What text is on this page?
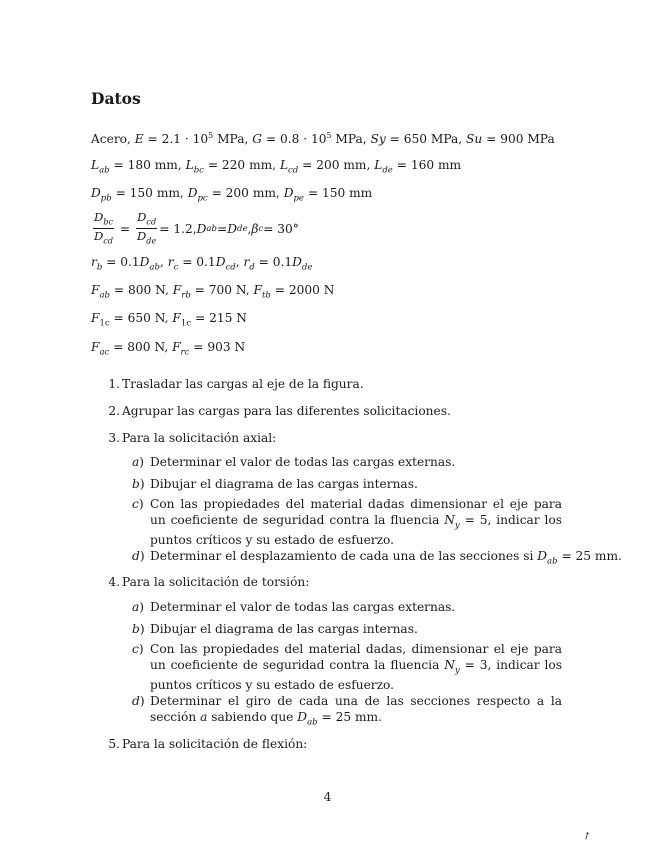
Datos
Acero, $E = 2.1 \cdot 10^5$ MPa, $G = 0.8 \cdot 10^5$ MPa, Sy = 650 MPa, Su = 900 MPa
$L_{ab} = 180$ mm, $L_{bc} = 220$ mm, $L_{cd} = 200$ mm, $L_{de} = 160$ mm
$D_{pb} = 150$ mm, $D_{pc} = 200$ mm, $D_{pe} = 150$ mm
$\frac{D_{bc}}{D_{cd}} = \frac{D_{cd}}{D_{de}} = 1.2$, D ab = D de , β c = 30°
$r_b = 0.1D_{ab}$, $r_c = 0.1D_{cd}$, $r_d = 0.1D_{de}$
$F_{ab} = 800$ N, $F_{rb} = 700$ N, $F_{tb} = 2000$ N
$F_{1c} = 650$ N, $F_{1c} = 215$ N
$F_{ac} = 800$ N, $F_{rc} = 903$ N
1. Trasladar las cargas al eje de la figura.
2. Agrupar las cargas para las diferentes solicitaciones.
3. Para la solicitación axial:
a) Determinar el valor de todas las cargas externas.
b) Dibujar el diagrama de las cargas internas.
c) Con las propiedades del material dadas dimensionar el eje para un coeficiente de seguridad contra la fluencia $N_y = 5$, indicar los puntos críticos y su estado de esfuerzo.
d) Determinar el desplazamiento de cada una de las secciones si $D_{ab} = 25$ mm.
4. Para la solicitación de torsión:
a) Determinar el valor de todas las cargas externas.
b) Dibujar el diagrama de las cargas internas.
c) Con las propiedades del material dadas, dimensionar el eje para un coeficiente de seguridad contra la fluencia $N_y = 3$, indicar los puntos críticos y su estado de esfuerzo.
d) Determinar el giro de cada una de las secciones respecto a la sección a sabiendo que $D_{ab} = 25$ mm.
5. Para la solicitación de flexión:
4
↗
